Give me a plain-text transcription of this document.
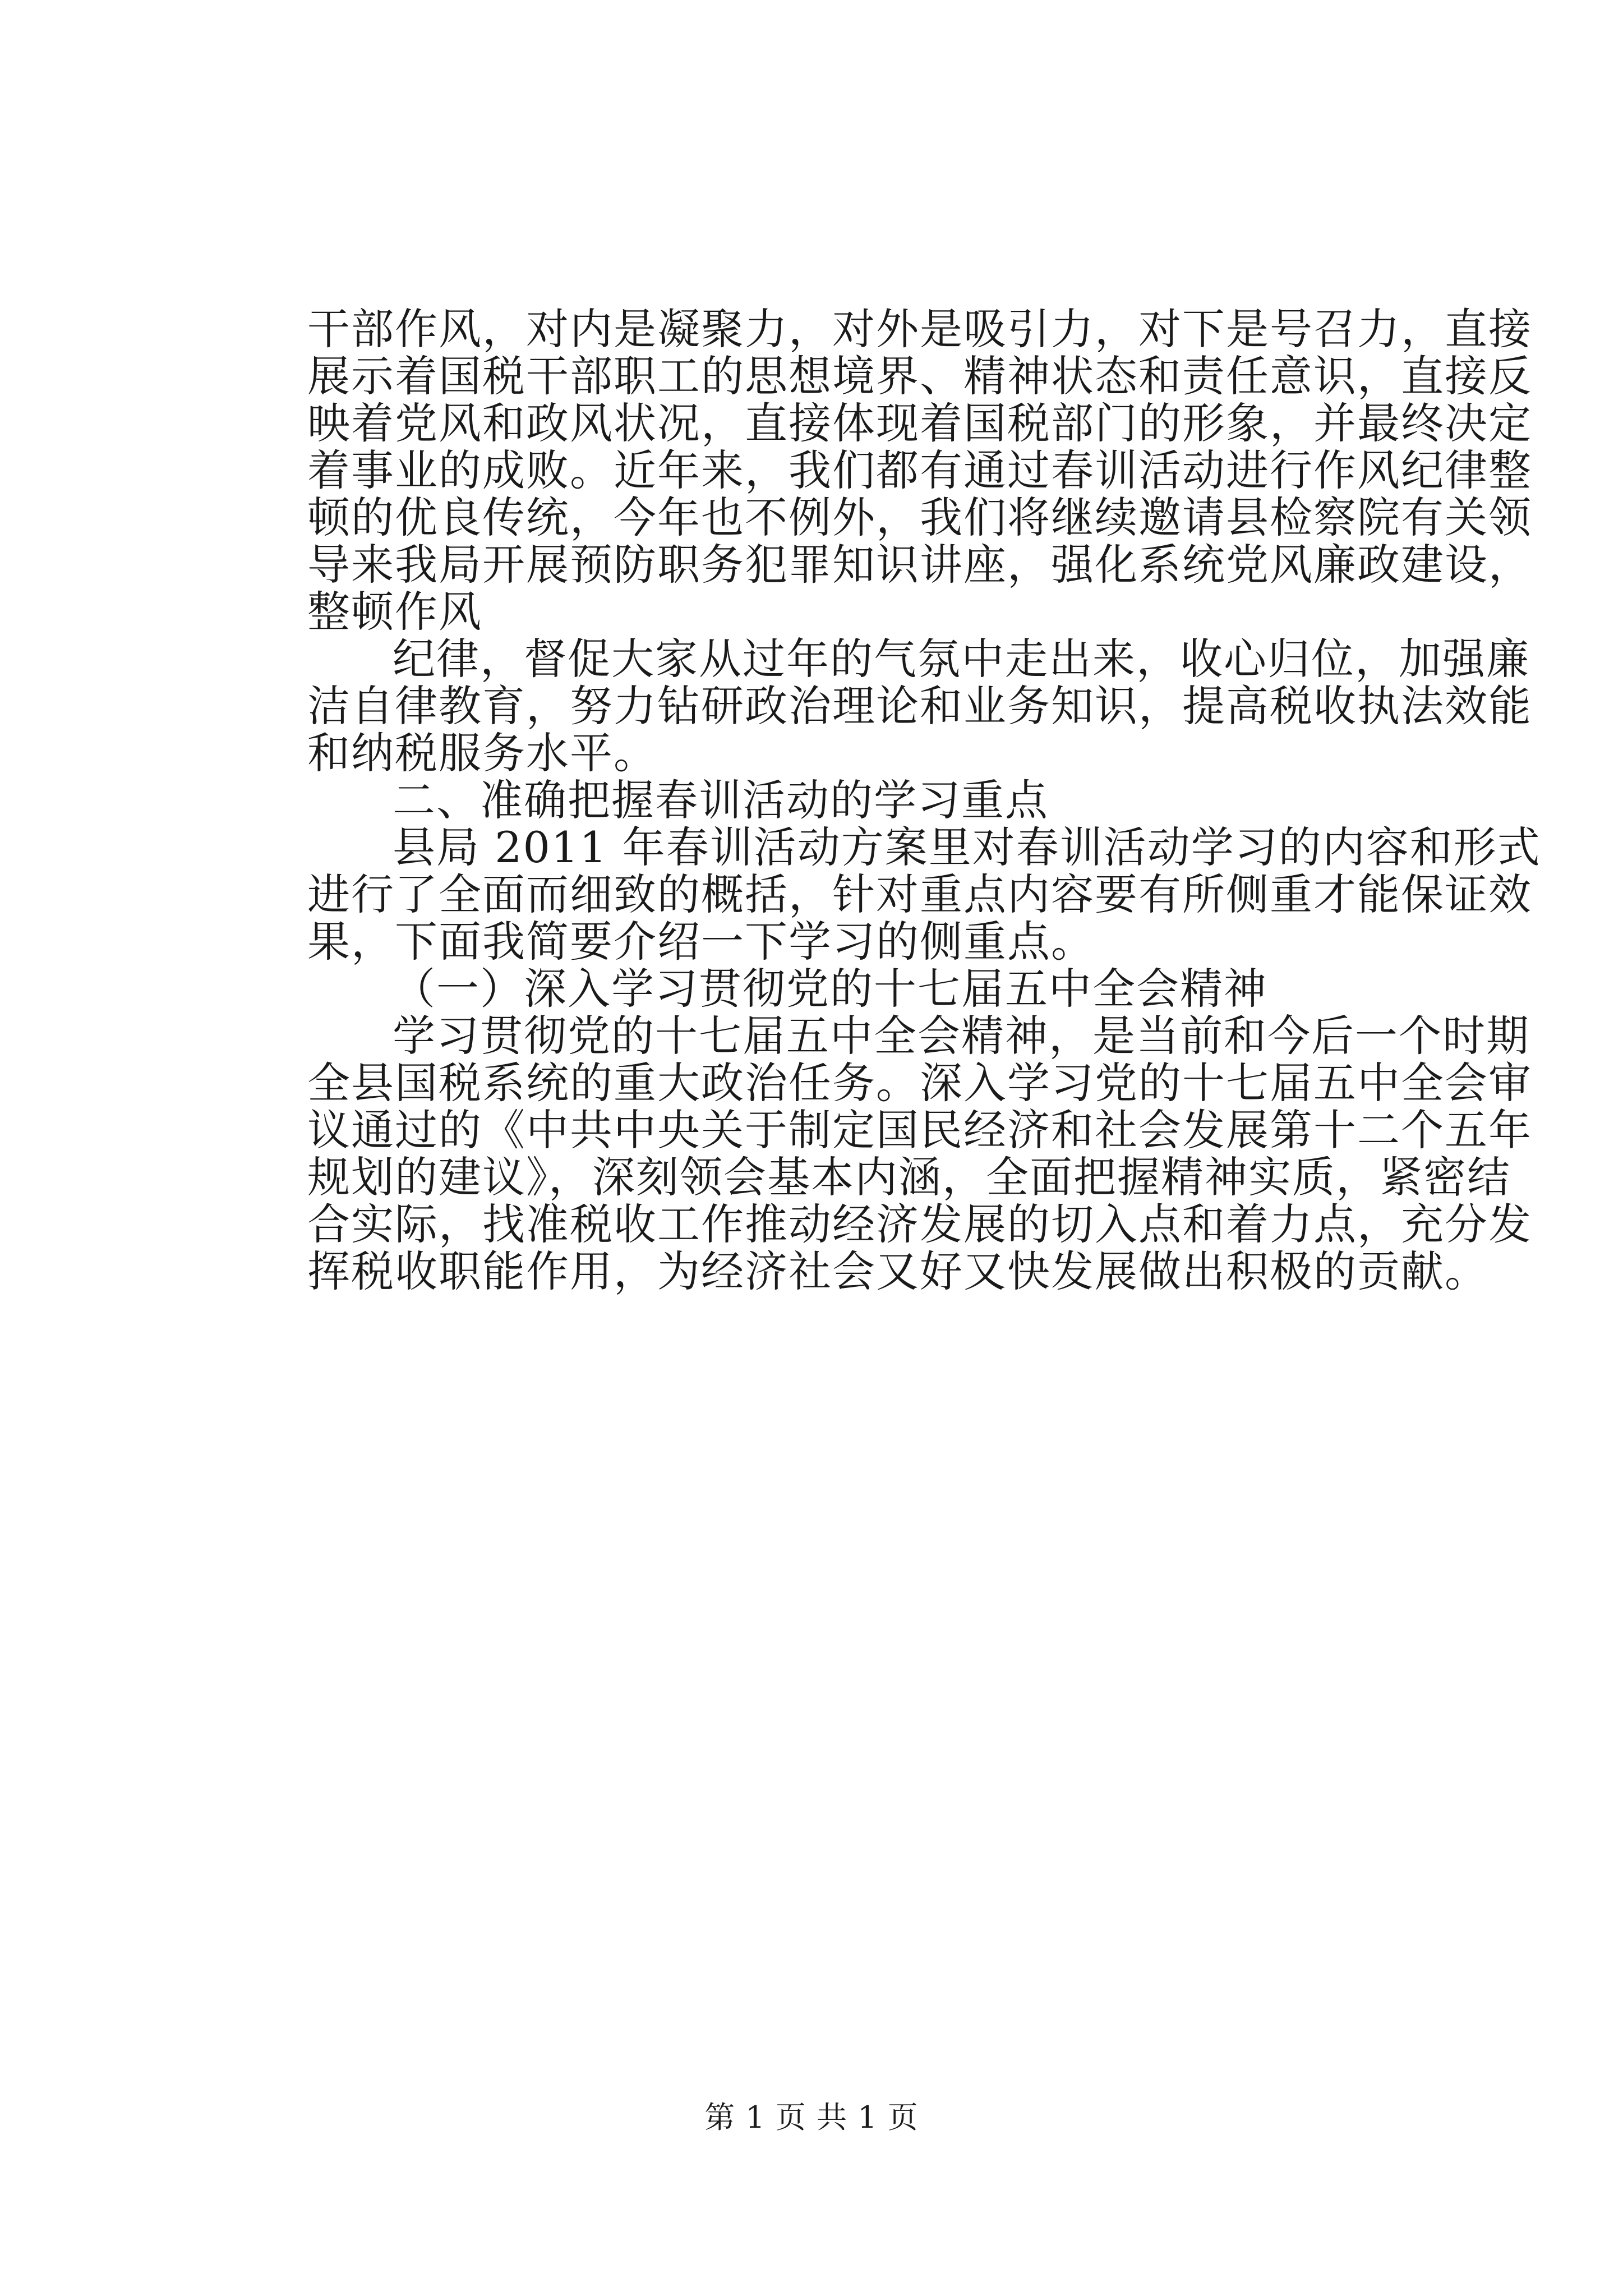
干部作风，对内是凝聚力，对外是吸引力，对下是号召力，直接
展示着国税干部职工的思想境界、精神状态和责任意识，直接反
映着党风和政风状况，直接体现着国税部门的形象，并最终决定
着事业的成败。近年来，我们都有通过春训活动进行作风纪律整
顿的优良传统，今年也不例外，我们将继续邀请县检察院有关领
导来我局开展预防职务犯罪知识讲座，强化系统党风廉政建设，
整顿作风
纪律，督促大家从过年的气氛中走出来，收心归位，加强廉
洁自律教育，努力钻研政治理论和业务知识，提高税收执法效能
和纳税服务水平。
二、准确把握春训活动的学习重点
县局 2011 年春训活动方案里对春训活动学习的内容和形式
进行了全面而细致的概括，针对重点内容要有所侧重才能保证效
果，下面我简要介绍一下学习的侧重点。
（一）深入学习贯彻党的十七届五中全会精神
学习贯彻党的十七届五中全会精神，是当前和今后一个时期
全县国税系统的重大政治任务。深入学习党的十七届五中全会审
议通过的《中共中央关于制定国民经济和社会发展第十二个五年
规划的建议》，深刻领会基本内涵，全面把握精神实质，紧密结
合实际，找准税收工作推动经济发展的切入点和着力点，充分发
挥税收职能作用，为经济社会又好又快发展做出积极的贡献。
第 1 页 共 1 页
